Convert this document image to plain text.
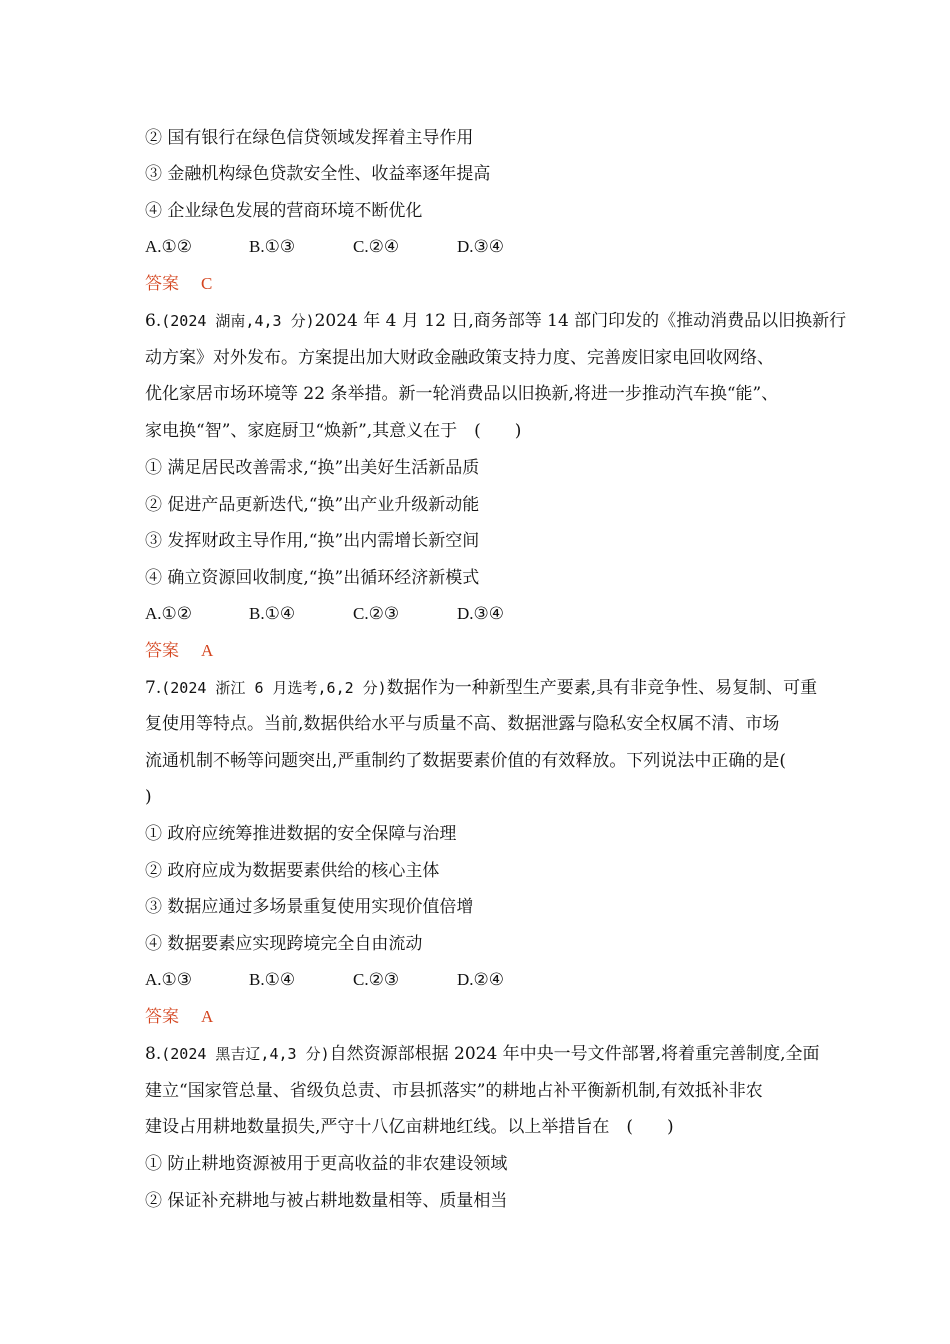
② 国有银行在绿色信贷领域发挥着主导作用
③ 金融机构绿色贷款安全性、收益率逐年提高
④ 企业绿色发展的营商环境不断优化
A.①②	B.①③	C.②④	D.③④
答案 C
6.(2024 湖南,4,3 分)2024 年 4 月 12 日,商务部等 14 部门印发的《推动消费品以旧换新行
动方案》对外发布。方案提出加大财政金融政策支持力度、完善废旧家电回收网络、
优化家居市场环境等 22 条举措。新一轮消费品以旧换新,将进一步推动汽车换“能”、
家电换“智”、家庭厨卫“焕新”,其意义在于　(　　)
① 满足居民改善需求,“换”出美好生活新品质
② 促进产品更新迭代,“换”出产业升级新动能
③ 发挥财政主导作用,“换”出内需增长新空间
④ 确立资源回收制度,“换”出循环经济新模式
A.①②	B.①④	C.②③	D.③④
答案 A
7.(2024 浙江 6 月选考,6,2 分)数据作为一种新型生产要素,具有非竞争性、易复制、可重
复使用等特点。当前,数据供给水平与质量不高、数据泄露与隐私安全权属不清、市场
流通机制不畅等问题突出,严重制约了数据要素价值的有效释放。下列说法中正确的是(
)
① 政府应统筹推进数据的安全保障与治理
② 政府应成为数据要素供给的核心主体
③ 数据应通过多场景重复使用实现价值倍增
④ 数据要素应实现跨境完全自由流动
A.①③	B.①④	C.②③	D.②④
答案 A
8.(2024 黑吉辽,4,3 分)自然资源部根据 2024 年中央一号文件部署,将着重完善制度,全面
建立“国家管总量、省级负总责、市县抓落实”的耕地占补平衡新机制,有效抵补非农
建设占用耕地数量损失,严守十八亿亩耕地红线。以上举措旨在　(　　)
① 防止耕地资源被用于更高收益的非农建设领域
② 保证补充耕地与被占耕地数量相等、质量相当
